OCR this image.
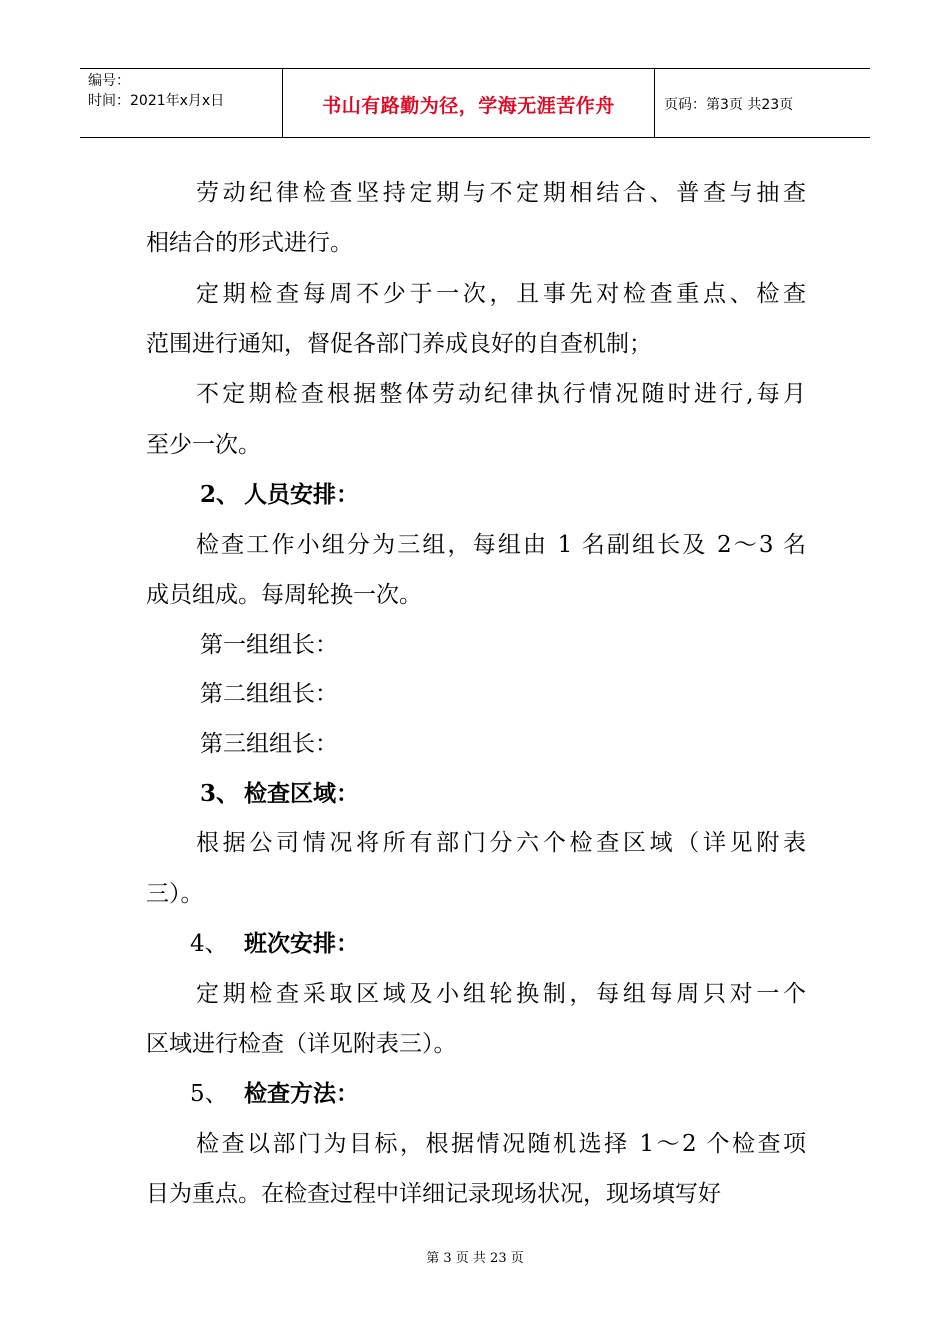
编号：
时间：2021年x月x日	书山有路勤为径，学海无涯苦作舟	页码：第3页 共23页
劳动纪律检查坚持定期与不定期相结合、普查与抽查
相结合的形式进行。
定期检查每周不少于一次，且事先对检查重点、检查
范围进行通知，督促各部门养成良好的自查机制；
不定期检查根据整体劳动纪律执行情况随时进行,每月
至少一次。
2、 人员安排：
检查工作小组分为三组，每组由 1 名副组长及 2～3 名
成员组成。每周轮换一次。
第一组组长：
第二组组长：
第三组组长：
3、 检查区域：
根据公司情况将所有部门分六个检查区域（详见附表
三）。
4、 班次安排：
定期检查采取区域及小组轮换制，每组每周只对一个
区域进行检查（详见附表三）。
5、 检查方法：
检查以部门为目标，根据情况随机选择 1～2 个检查项
目为重点。在检查过程中详细记录现场状况，现场填写好
第 3 页 共 23 页
